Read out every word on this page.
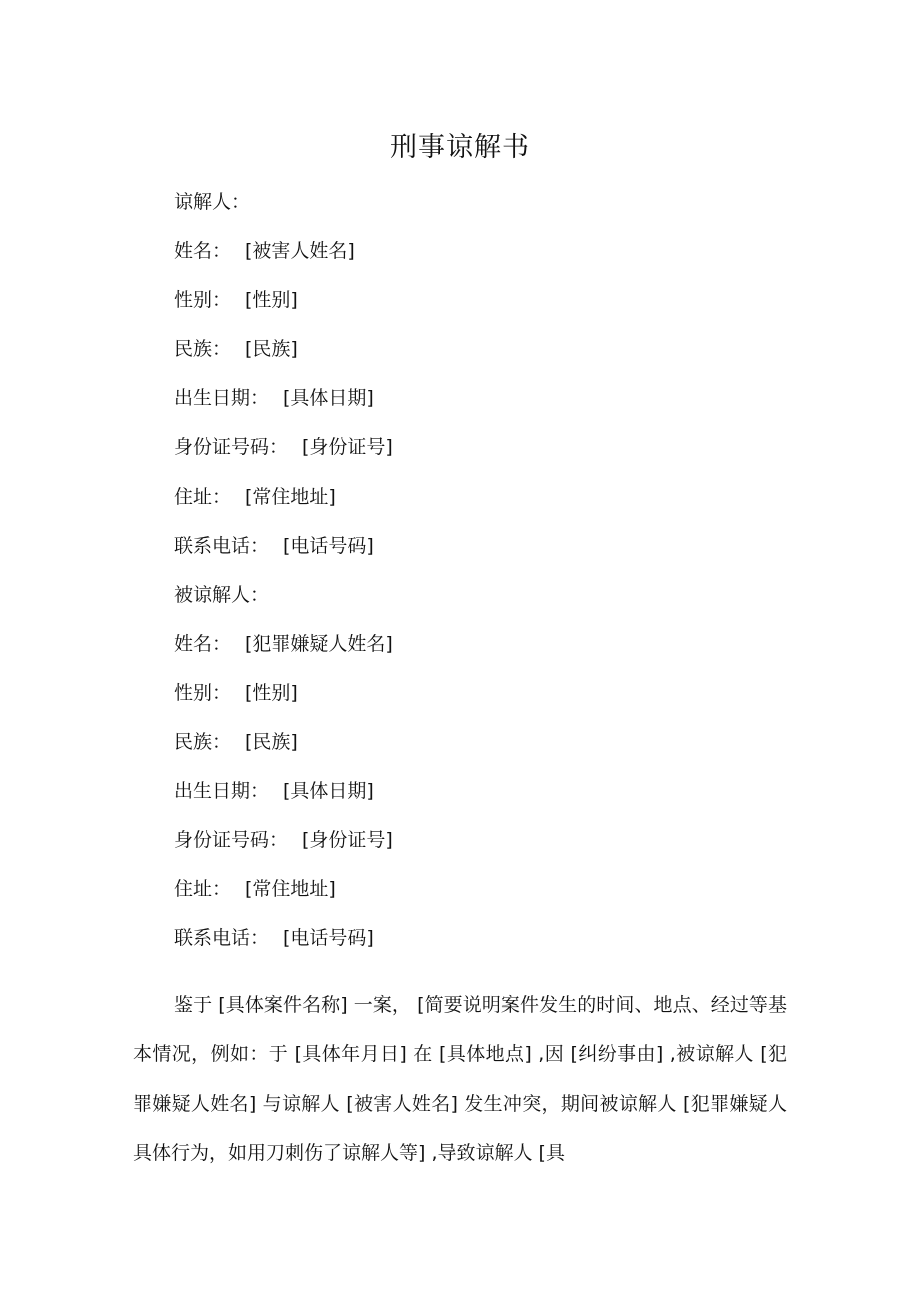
刑事谅解书
谅解人：
姓名： [被害人姓名]
性别： [性别]
民族： [民族]
出生日期： [具体日期]
身份证号码： [身份证号]
住址： [常住地址]
联系电话： [电话号码]
被谅解人：
姓名： [犯罪嫌疑人姓名]
性别： [性别]
民族： [民族]
出生日期： [具体日期]
身份证号码： [身份证号]
住址： [常住地址]
联系电话： [电话号码]

鉴于 [具体案件名称] 一案， [简要说明案件发生的时间、地点、经过等基本情况，例如：于 [具体年月日] 在 [具体地点] ,因 [纠纷事由] ,被谅解人 [犯罪嫌疑人姓名] 与谅解人 [被害人姓名] 发生冲突，期间被谅解人 [犯罪嫌疑人具体行为，如用刀刺伤了谅解人等] ,导致谅解人 [具
